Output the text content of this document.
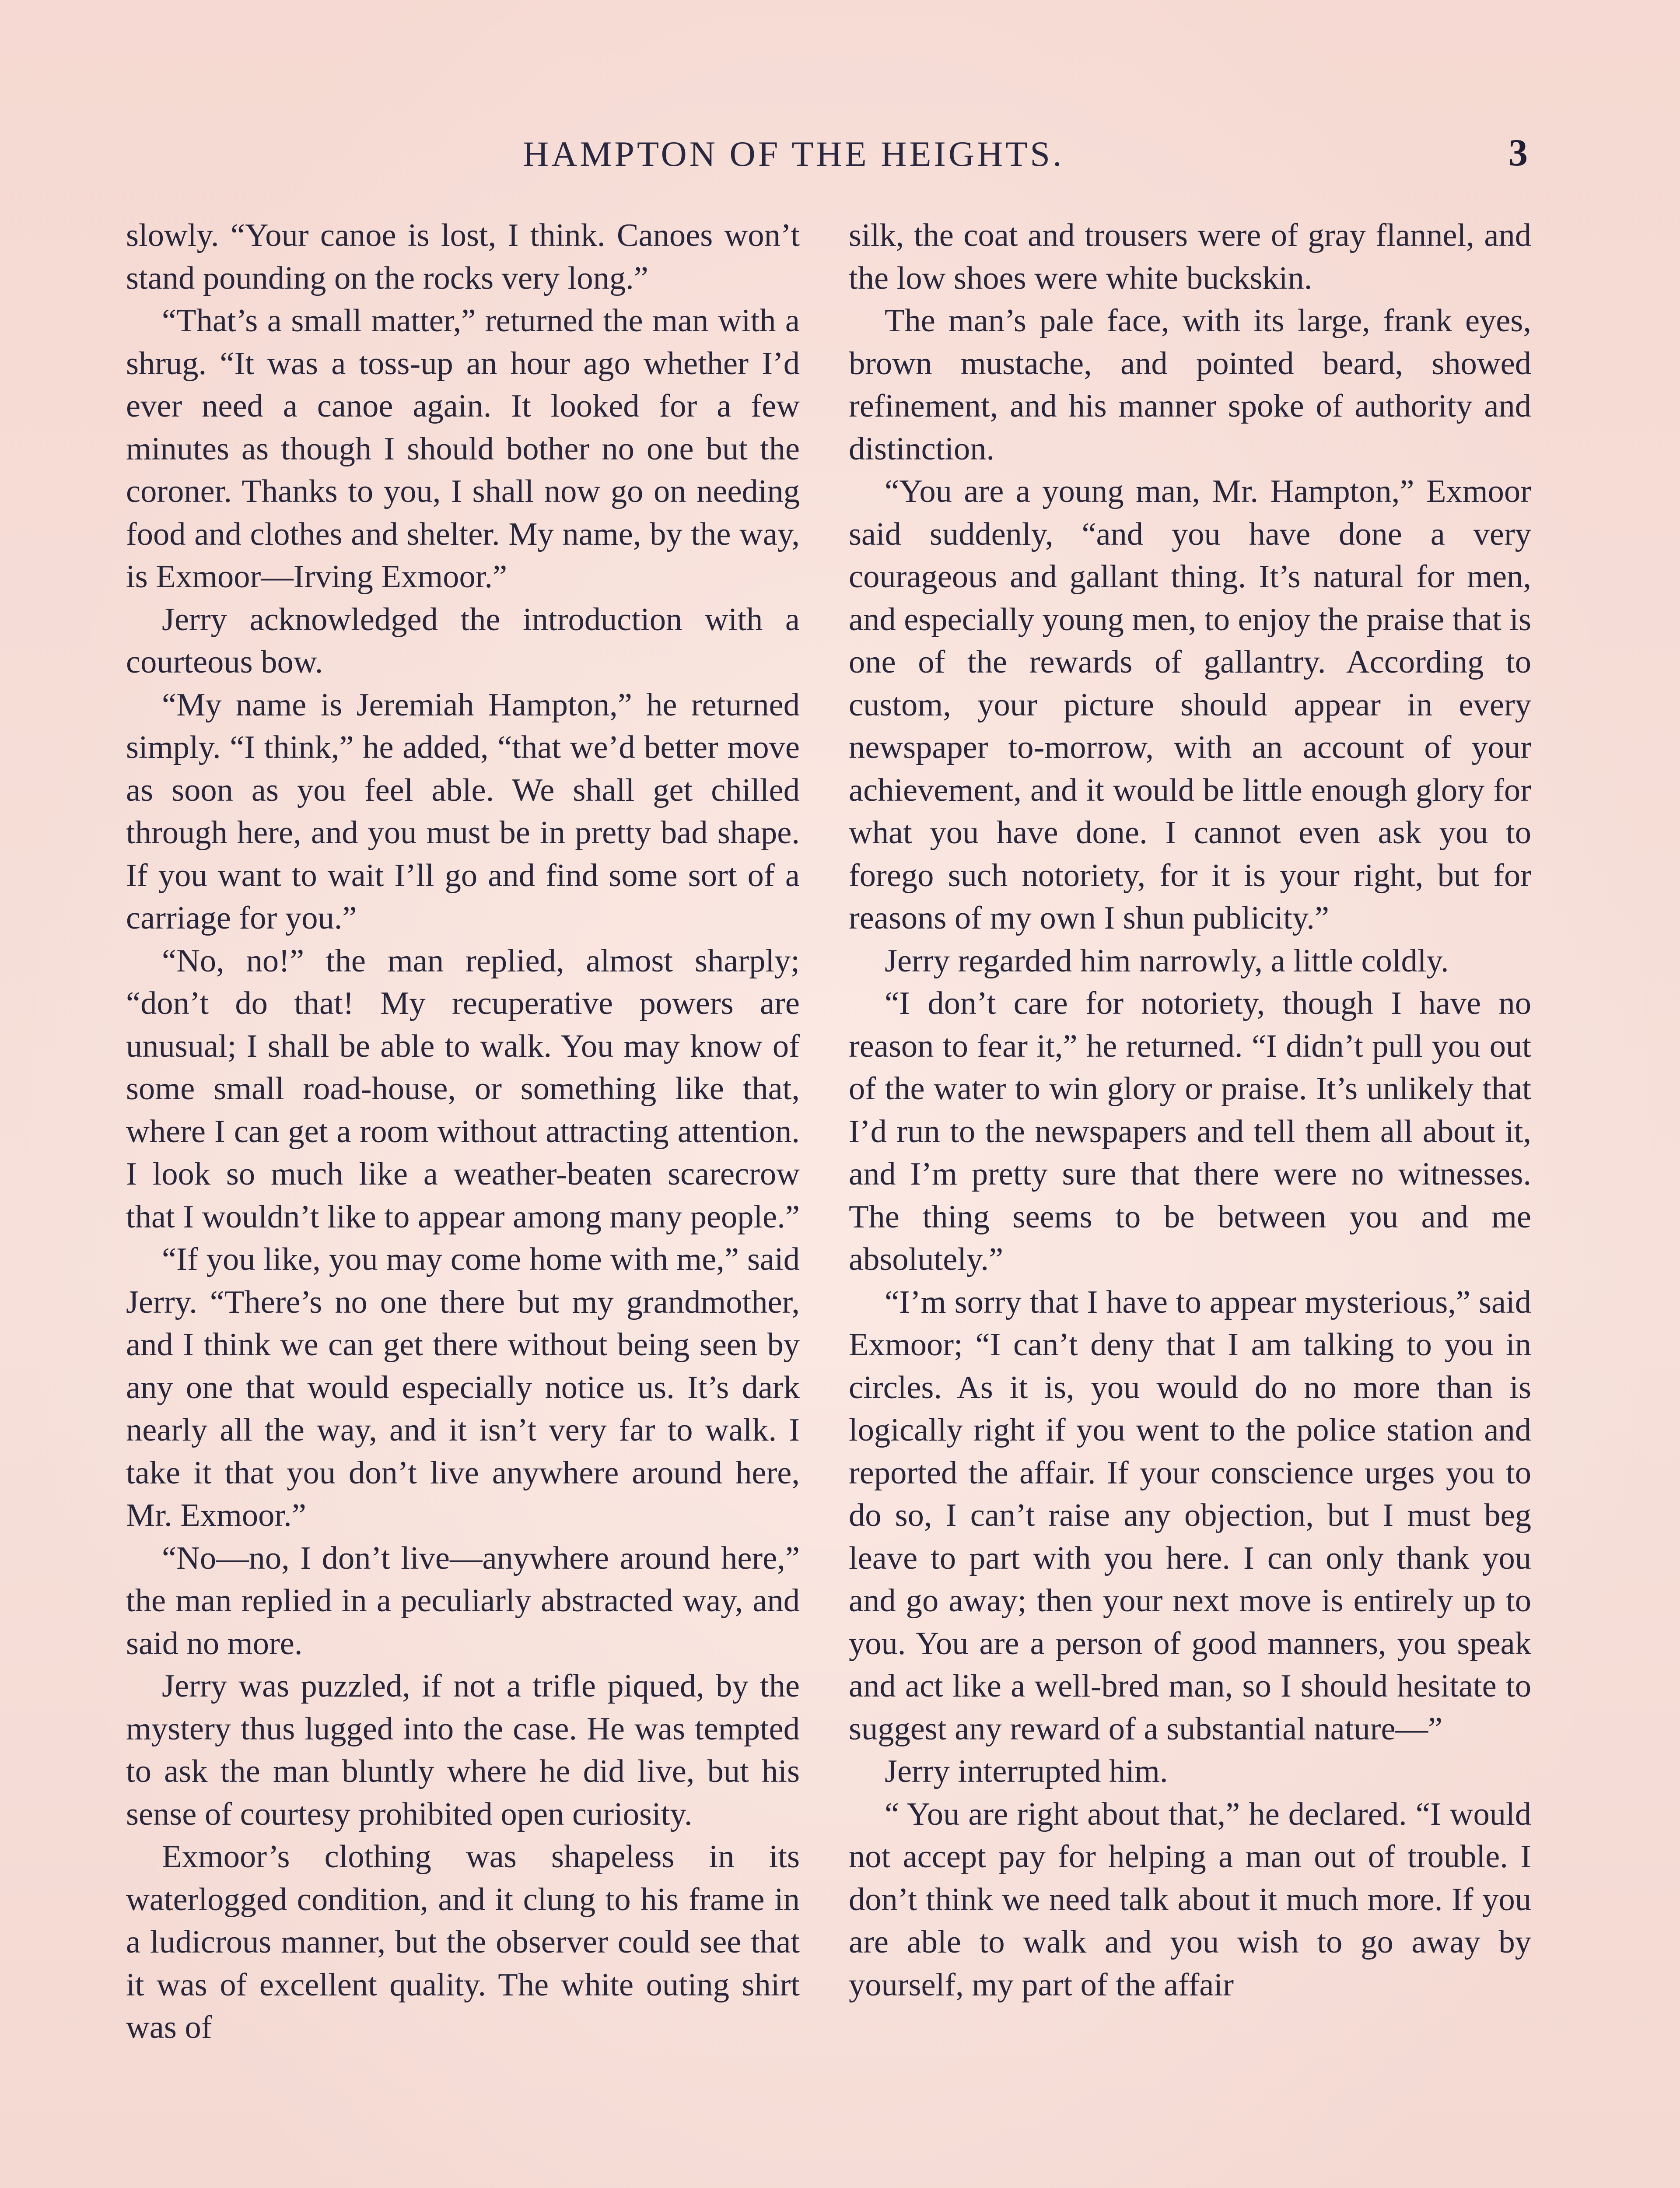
HAMPTON OF THE HEIGHTS.	3

slowly. “Your canoe is lost, I think. Canoes won’t stand pounding on the rocks very long.”

“That’s a small matter,” returned the man with a shrug. “It was a toss-up an hour ago whether I’d ever need a canoe again. It looked for a few minutes as though I should bother no one but the coroner. Thanks to you, I shall now go on needing food and clothes and shelter. My name, by the way, is Exmoor—Irving Exmoor.”

Jerry acknowledged the introduction with a courteous bow.

“My name is Jeremiah Hampton,” he returned simply. “I think,” he added, “that we’d better move as soon as you feel able. We shall get chilled through here, and you must be in pretty bad shape. If you want to wait I’ll go and find some sort of a carriage for you.”

“No, no!” the man replied, almost sharply; “don’t do that! My recuperative powers are unusual; I shall be able to walk. You may know of some small road-house, or something like that, where I can get a room without attracting attention. I look so much like a weather-beaten scarecrow that I wouldn’t like to appear among many people.”

“If you like, you may come home with me,” said Jerry. “There’s no one there but my grandmother, and I think we can get there without being seen by any one that would especially notice us. It’s dark nearly all the way, and it isn’t very far to walk. I take it that you don’t live anywhere around here, Mr. Exmoor.”

“No—no, I don’t live—anywhere around here,” the man replied in a peculiarly abstracted way, and said no more.

Jerry was puzzled, if not a trifle piqued, by the mystery thus lugged into the case. He was tempted to ask the man bluntly where he did live, but his sense of courtesy prohibited open curiosity.

Exmoor’s clothing was shapeless in its waterlogged condition, and it clung to his frame in a ludicrous manner, but the observer could see that it was of excellent quality. The white outing shirt was of

silk, the coat and trousers were of gray flannel, and the low shoes were white buckskin.

The man’s pale face, with its large, frank eyes, brown mustache, and pointed beard, showed refinement, and his manner spoke of authority and distinction.

“You are a young man, Mr. Hampton,” Exmoor said suddenly, “and you have done a very courageous and gallant thing. It’s natural for men, and especially young men, to enjoy the praise that is one of the rewards of gallantry. According to custom, your picture should appear in every newspaper to-morrow, with an account of your achievement, and it would be little enough glory for what you have done. I cannot even ask you to forego such notoriety, for it is your right, but for reasons of my own I shun publicity.”

Jerry regarded him narrowly, a little coldly.

“I don’t care for notoriety, though I have no reason to fear it,” he returned. “I didn’t pull you out of the water to win glory or praise. It’s unlikely that I’d run to the newspapers and tell them all about it, and I’m pretty sure that there were no witnesses. The thing seems to be between you and me absolutely.”

“I’m sorry that I have to appear mysterious,” said Exmoor; “I can’t deny that I am talking to you in circles. As it is, you would do no more than is logically right if you went to the police station and reported the affair. If your conscience urges you to do so, I can’t raise any objection, but I must beg leave to part with you here. I can only thank you and go away; then your next move is entirely up to you. You are a person of good manners, you speak and act like a well-bred man, so I should hesitate to suggest any reward of a substantial nature—”

Jerry interrupted him.

“ You are right about that,” he declared. “I would not accept pay for helping a man out of trouble. I don’t think we need talk about it much more. If you are able to walk and you wish to go away by yourself, my part of the affair
